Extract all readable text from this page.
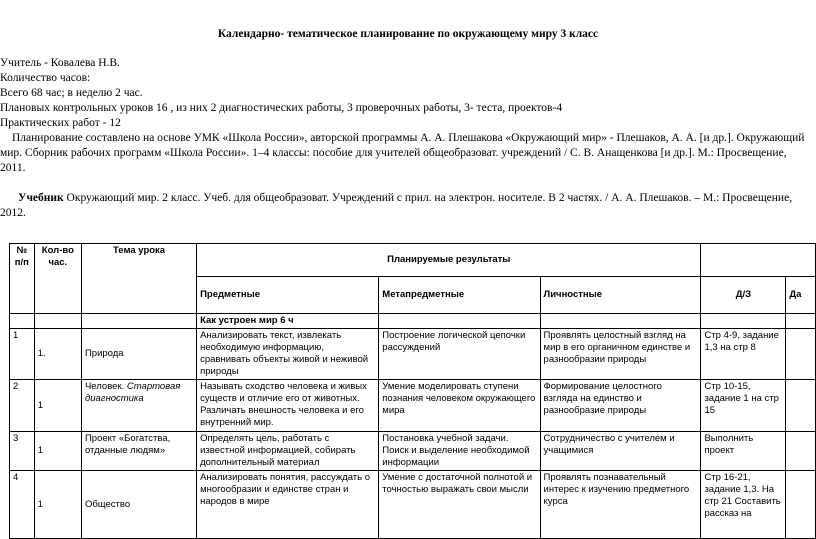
Календарно- тематическое планирование по окружающему миру 3 класс

Учитель - Ковалева Н.В.

Количество часов:

Всего 68 час; в неделю 2 час.

Плановых контрольных уроков 16 , из них 2 диагностических работы, 3 проверочных работы, 3- теста, проектов-4

Практических работ - 12

Планирование составлено на основе УМК «Школа России», авторской программы А. А. Плешакова «Окружающий мир» - Плешаков, А. А. [и др.]. Окружающий мир. Сборник рабочих программ «Школа России». 1–4 классы: пособие для учителей общеобразоват. учреждений / С. В. Анащенкова [и др.]. М.: Просвещение, 2011.

Учебник Окружающий мир. 2 класс. Учеб. для общеобразоват. Учреждений с прил. на электрон. носителе. В 2 частях. / А. А. Плешаков. – М.: Просвещение, 2012.

№ п/п	Кол-во час.	Тема урока	Планируемые результаты				
			Предметные	Метапредметные	Личностные	Д/З	Да
			Как устроен мир 6 ч				
1	1.	Природа	Анализировать текст, извлекать необходимую информацию, сравнивать объекты живой и неживой природы	Построение логической цепочки рассуждений	Проявлять целостный взгляд на мир в его органичном единстве и разнообразии природы	Стр 4-9, задание 1,3 на стр 8	
2	1	Человек. Стартовая диагностика	Называть сходство человека и живых существ и отличие его от животных. Различать внешность человека и его внутренний мир.	Умение моделировать ступени познания человеком окружающего мира	Формирование целостного взгляда на единство и разнообразие природы	Стр 10-15, задание 1 на стр 15	
3	1	Проект «Богатства, отданные людям»	Определять цель, работать с известной информацией, собирать дополнительный материал	Постановка учебной задачи. Поиск и выделение необходимой информации	Сотрудничество с учителем и учащимися	Выполнить проект	
4	1	Общество	Анализировать понятия, рассуждать о многообразии и единстве стран и народов в мире	Умение с достаточной полнотой и точностью выражать свои мысли	Проявлять познавательный интерес к изучению предметного курса	Стр 16-21, задание 1,3. На стр 21 Составить рассказ на	
